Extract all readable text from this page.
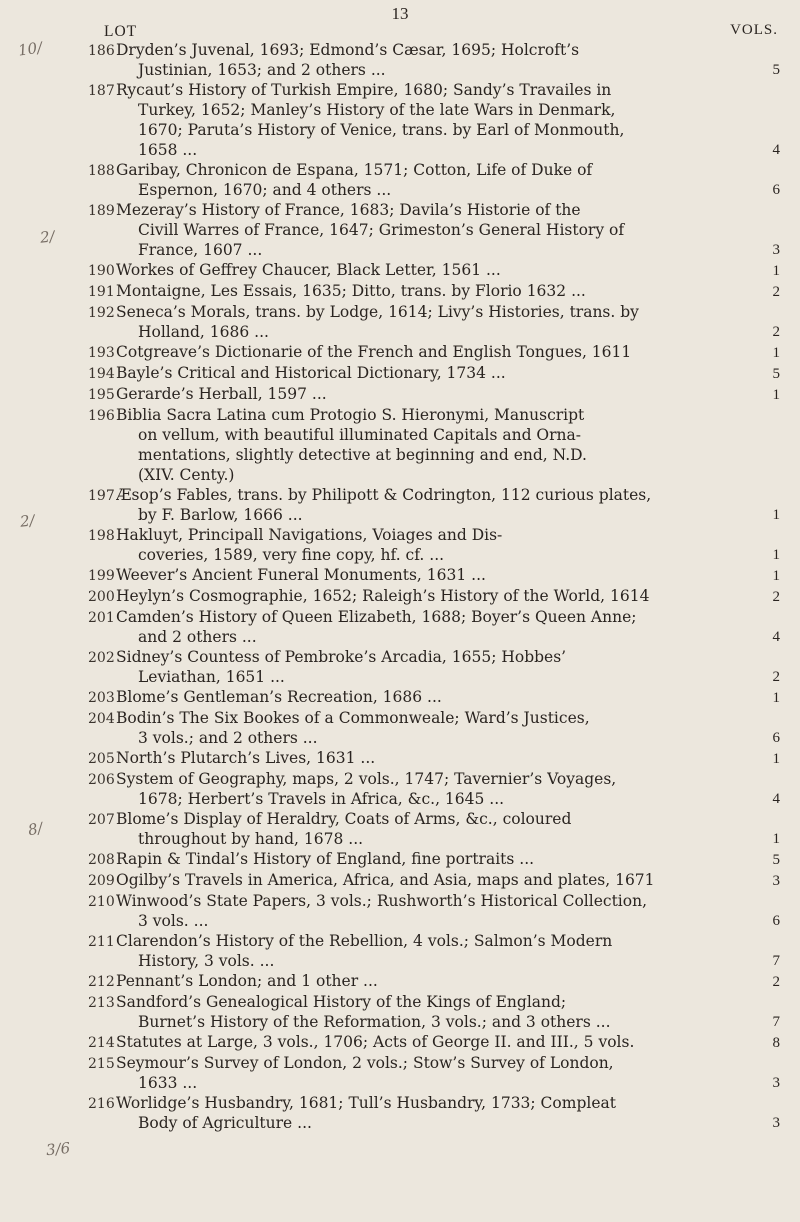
13
LOT	VOLS.
10/
2/
2/
8/
3/6
186 Dryden’s Juvenal, 1693; Edmond’s Cæsar, 1695; Holcroft’s
Justinian, 1653; and 2 others ...	5
187 Rycaut’s History of Turkish Empire, 1680; Sandy’s Travailes in
Turkey, 1652; Manley’s History of the late Wars in Denmark,
1670; Paruta’s History of Venice, trans. by Earl of Monmouth,
1658 ...	4
188 Garibay, Chronicon de Espana, 1571; Cotton, Life of Duke of
Espernon, 1670; and 4 others ...	6
189 Mezeray’s History of France, 1683; Davila’s Historie of the
Civill Warres of France, 1647; Grimeston’s General History of
France, 1607 ...	3
190 Workes of Geffrey Chaucer, Black Letter, 1561 ...	1
191 Montaigne, Les Essais, 1635; Ditto, trans. by Florio 1632 ...	2
192 Seneca’s Morals, trans. by Lodge, 1614; Livy’s Histories, trans. by
Holland, 1686 ...	2
193 Cotgreave’s Dictionarie of the French and English Tongues, 1611	1
194 Bayle’s Critical and Historical Dictionary, 1734 ...	5
195 Gerarde’s Herball, 1597 ...	1
196 Biblia Sacra Latina cum Protogio S. Hieronymi, Manuscript
on vellum, with beautiful illuminated Capitals and Orna-
mentations, slightly detective at beginning and end, N.D.
(XIV. Centy.)
197 Æsop’s Fables, trans. by Philipott & Codrington, 112 curious plates,
by F. Barlow, 1666 ...	1
198 Hakluyt, Principall Navigations, Voiages and Dis-
coveries, 1589, very fine copy, hf. cf. ...	1
199 Weever’s Ancient Funeral Monuments, 1631 ...	1
200 Heylyn’s Cosmographie, 1652; Raleigh’s History of the World, 1614	2
201 Camden’s History of Queen Elizabeth, 1688; Boyer’s Queen Anne;
and 2 others ...	4
202 Sidney’s Countess of Pembroke’s Arcadia, 1655; Hobbes’
Leviathan, 1651 ...	2
203 Blome’s Gentleman’s Recreation, 1686 ...	1
204 Bodin’s The Six Bookes of a Commonweale; Ward’s Justices,
3 vols.; and 2 others ...	6
205 North’s Plutarch’s Lives, 1631 ...	1
206 System of Geography, maps, 2 vols., 1747; Tavernier’s Voyages,
1678; Herbert’s Travels in Africa, &c., 1645 ...	4
207 Blome’s Display of Heraldry, Coats of Arms, &c., coloured
throughout by hand, 1678 ...	1
208 Rapin & Tindal’s History of England, fine portraits ...	5
209 Ogilby’s Travels in America, Africa, and Asia, maps and plates, 1671	3
210 Winwood’s State Papers, 3 vols.; Rushworth’s Historical Collection,
3 vols. ...	6
211 Clarendon’s History of the Rebellion, 4 vols.; Salmon’s Modern
History, 3 vols. ...	7
212 Pennant’s London; and 1 other ...	2
213 Sandford’s Genealogical History of the Kings of England;
Burnet’s History of the Reformation, 3 vols.; and 3 others ...	7
214 Statutes at Large, 3 vols., 1706; Acts of George II. and III., 5 vols.	8
215 Seymour’s Survey of London, 2 vols.; Stow’s Survey of London,
1633 ...	3
216 Worlidge’s Husbandry, 1681; Tull’s Husbandry, 1733; Compleat
Body of Agriculture ...	3
